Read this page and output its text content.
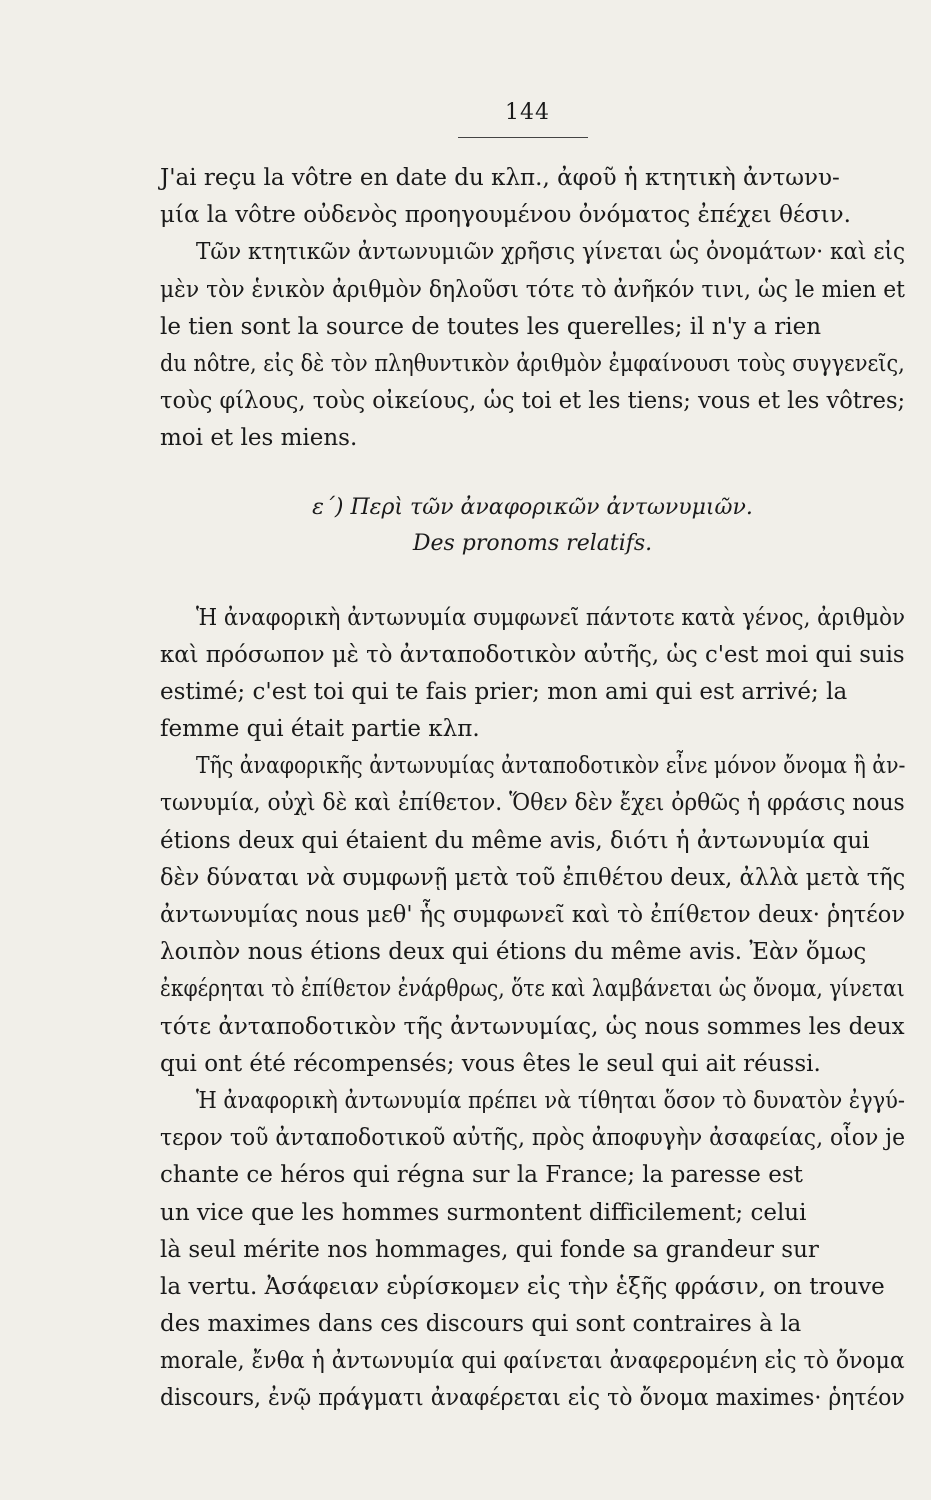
144
J'ai reçu la vôtre en date du κλπ., ἀφοῦ ἡ κτητικὴ ἀντωνυ-
μία la vôtre οὐδενὸς προηγουμένου ὀνόματος ἐπέχει θέσιν.
Τῶν κτητικῶν ἀντωνυμιῶν χρῆσις γίνεται ὡς ὀνομάτων· καὶ εἰς
μὲν τὸν ἑνικὸν ἀριθμὸν δηλοῦσι τότε τὸ ἀνῆκόν τινι, ὡς le mien et
le tien sont la source de toutes les querelles; il n'y a rien
du nôtre, εἰς δὲ τὸν πληθυντικὸν ἀριθμὸν ἐμφαίνουσι τοὺς συγγενεῖς,
τοὺς φίλους, τοὺς οἰκείους, ὡς toi et les tiens; vous et les vôtres;
moi et les miens.
ε΄) Περὶ τῶν ἀναφορικῶν ἀντωνυμιῶν.
Des pronoms relatifs.
Ἡ ἀναφορικὴ ἀντωνυμία συμφωνεῖ πάντοτε κατὰ γένος, ἀριθμὸν
καὶ πρόσωπον μὲ τὸ ἀνταποδοτικὸν αὐτῆς, ὡς c'est moi qui suis
estimé; c'est toi qui te fais prier; mon ami qui est arrivé; la
femme qui était partie κλπ.
Τῆς ἀναφορικῆς ἀντωνυμίας ἀνταποδοτικὸν εἶνε μόνον ὄνομα ἢ ἀν-
τωνυμία, οὐχὶ δὲ καὶ ἐπίθετον. Ὅθεν δὲν ἔχει ὀρθῶς ἡ φράσις nous
étions deux qui étaient du même avis, διότι ἡ ἀντωνυμία qui
δὲν δύναται νὰ συμφωνῇ μετὰ τοῦ ἐπιθέτου deux, ἀλλὰ μετὰ τῆς
ἀντωνυμίας nous μεθ' ἧς συμφωνεῖ καὶ τὸ ἐπίθετον deux· ῥητέον
λοιπὸν nous étions deux qui étions du même avis. Ἐὰν ὅμως
ἐκφέρηται τὸ ἐπίθετον ἐνάρθρως, ὅτε καὶ λαμβάνεται ὡς ὄνομα, γίνεται
τότε ἀνταποδοτικὸν τῆς ἀντωνυμίας, ὡς nous sommes les deux
qui ont été récompensés; vous êtes le seul qui ait réussi.
Ἡ ἀναφορικὴ ἀντωνυμία πρέπει νὰ τίθηται ὅσον τὸ δυνατὸν ἐγγύ-
τερον τοῦ ἀνταποδοτικοῦ αὐτῆς, πρὸς ἀποφυγὴν ἀσαφείας, οἷον je
chante ce héros qui régna sur la France; la paresse est
un vice que les hommes surmontent difficilement; celui
là seul mérite nos hommages, qui fonde sa grandeur sur
la vertu. Ἀσάφειαν εὑρίσκομεν εἰς τὴν ἑξῆς φράσιν, on trouve
des maximes dans ces discours qui sont contraires à la
morale, ἔνθα ἡ ἀντωνυμία qui φαίνεται ἀναφερομένη εἰς τὸ ὄνομα
discours, ἐνῷ πράγματι ἀναφέρεται εἰς τὸ ὄνομα maximes· ῥητέον
